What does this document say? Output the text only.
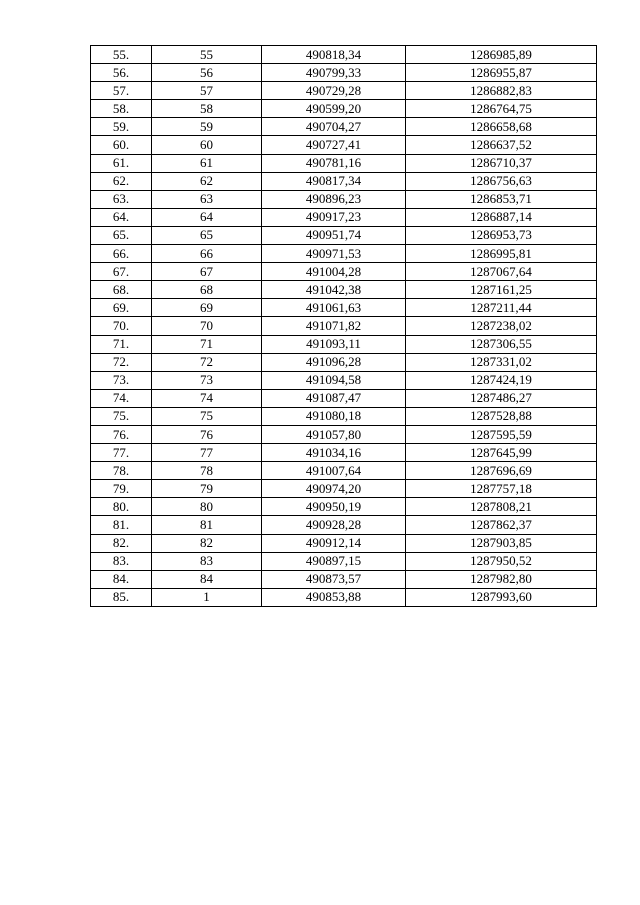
55.	55	490818,34	1286985,89
56.	56	490799,33	1286955,87
57.	57	490729,28	1286882,83
58.	58	490599,20	1286764,75
59.	59	490704,27	1286658,68
60.	60	490727,41	1286637,52
61.	61	490781,16	1286710,37
62.	62	490817,34	1286756,63
63.	63	490896,23	1286853,71
64.	64	490917,23	1286887,14
65.	65	490951,74	1286953,73
66.	66	490971,53	1286995,81
67.	67	491004,28	1287067,64
68.	68	491042,38	1287161,25
69.	69	491061,63	1287211,44
70.	70	491071,82	1287238,02
71.	71	491093,11	1287306,55
72.	72	491096,28	1287331,02
73.	73	491094,58	1287424,19
74.	74	491087,47	1287486,27
75.	75	491080,18	1287528,88
76.	76	491057,80	1287595,59
77.	77	491034,16	1287645,99
78.	78	491007,64	1287696,69
79.	79	490974,20	1287757,18
80.	80	490950,19	1287808,21
81.	81	490928,28	1287862,37
82.	82	490912,14	1287903,85
83.	83	490897,15	1287950,52
84.	84	490873,57	1287982,80
85.	1	490853,88	1287993,60
